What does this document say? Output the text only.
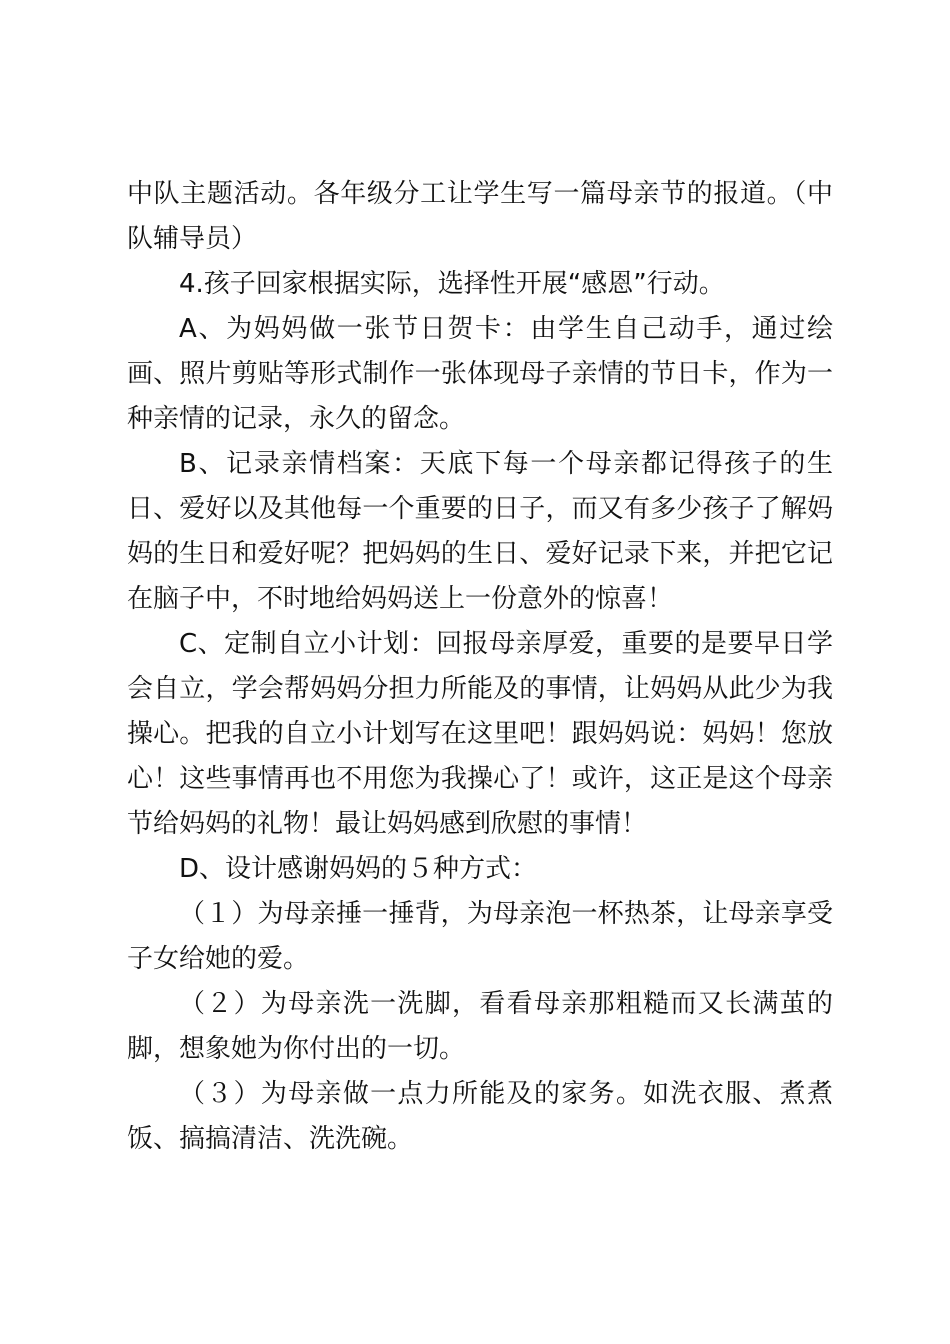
中队主题活动。各年级分工让学生写一篇母亲节的报道。（中队辅导员）

4.孩子回家根据实际，选择性开展“感恩”行动。

A、为妈妈做一张节日贺卡：由学生自己动手，通过绘画、照片剪贴等形式制作一张体现母子亲情的节日卡，作为一种亲情的记录，永久的留念。

B、记录亲情档案：天底下每一个母亲都记得孩子的生日、爱好以及其他每一个重要的日子，而又有多少孩子了解妈妈的生日和爱好呢？把妈妈的生日、爱好记录下来，并把它记在脑子中，不时地给妈妈送上一份意外的惊喜！

C、定制自立小计划：回报母亲厚爱，重要的是要早日学会自立，学会帮妈妈分担力所能及的事情，让妈妈从此少为我操心。把我的自立小计划写在这里吧！跟妈妈说：妈妈！您放心！这些事情再也不用您为我操心了！或许，这正是这个母亲节给妈妈的礼物！最让妈妈感到欣慰的事情！

D、设计感谢妈妈的５种方式：

（１）为母亲捶一捶背，为母亲泡一杯热茶，让母亲享受子女给她的爱。

（２）为母亲洗一洗脚，看看母亲那粗糙而又长满茧的脚，想象她为你付出的一切。

（３）为母亲做一点力所能及的家务。如洗衣服、煮煮饭、搞搞清洁、洗洗碗。
